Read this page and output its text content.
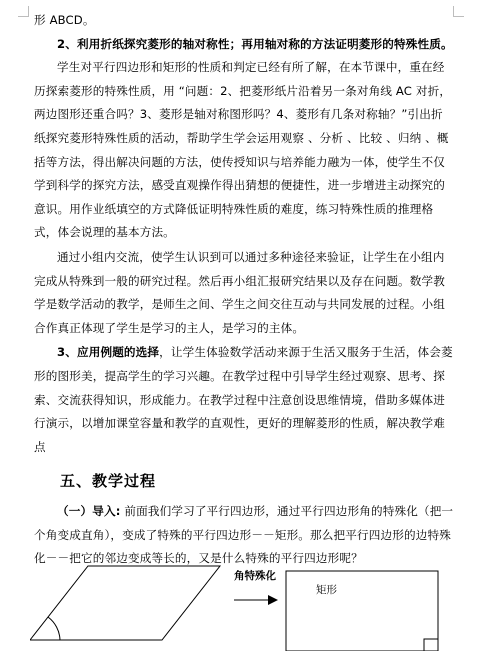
形 ABCD。

2、利用折纸探究菱形的轴对称性；再用轴对称的方法证明菱形的特殊性质。

学生对平行四边形和矩形的性质和判定已经有所了解，在本节课中，重在经历探索菱形的特殊性质，用 “问题：2、把菱形纸片沿着另一条对角线 AC 对折，两边图形还重合吗？3、菱形是轴对称图形吗？4、菱形有几条对称轴？”引出折纸探究菱形特殊性质的活动，帮助学生学会运用观察 、分析 、比较 、归纳 、概括等方法，得出解决问题的方法，使传授知识与培养能力融为一体，使学生不仅学到科学的探究方法，感受直观操作得出猜想的便捷性，进一步增进主动探究的意识。用作业纸填空的方式降低证明特殊性质的难度，练习特殊性质的推理格式，体会说理的基本方法。

通过小组内交流，使学生认识到可以通过多种途径来验证，让学生在小组内完成从特殊到一般的研究过程。然后再小组汇报研究结果以及存在问题。数学教学是数学活动的教学，是师生之间、学生之间交往互动与共同发展的过程。小组合作真正体现了学生是学习的主人，是学习的主体。

3、应用例题的选择，让学生体验数学活动来源于生活又服务于生活，体会菱形的图形美，提高学生的学习兴趣。在教学过程中引导学生经过观察、思考、探索、交流获得知识，形成能力。在教学过程中注意创设思维情境，借助多媒体进行演示，以增加课堂容量和教学的直观性，更好的理解菱形的性质，解决教学难点

五、教学过程

（一）导入: 前面我们学习了平行四边形，通过平行四边形角的特殊化（把一个角变成直角），变成了特殊的平行四边形－－矩形。那么把平行四边形的边特殊化－－把它的邻边变成等长的，又是什么特殊的平行四边形呢？

角特殊化
矩形
